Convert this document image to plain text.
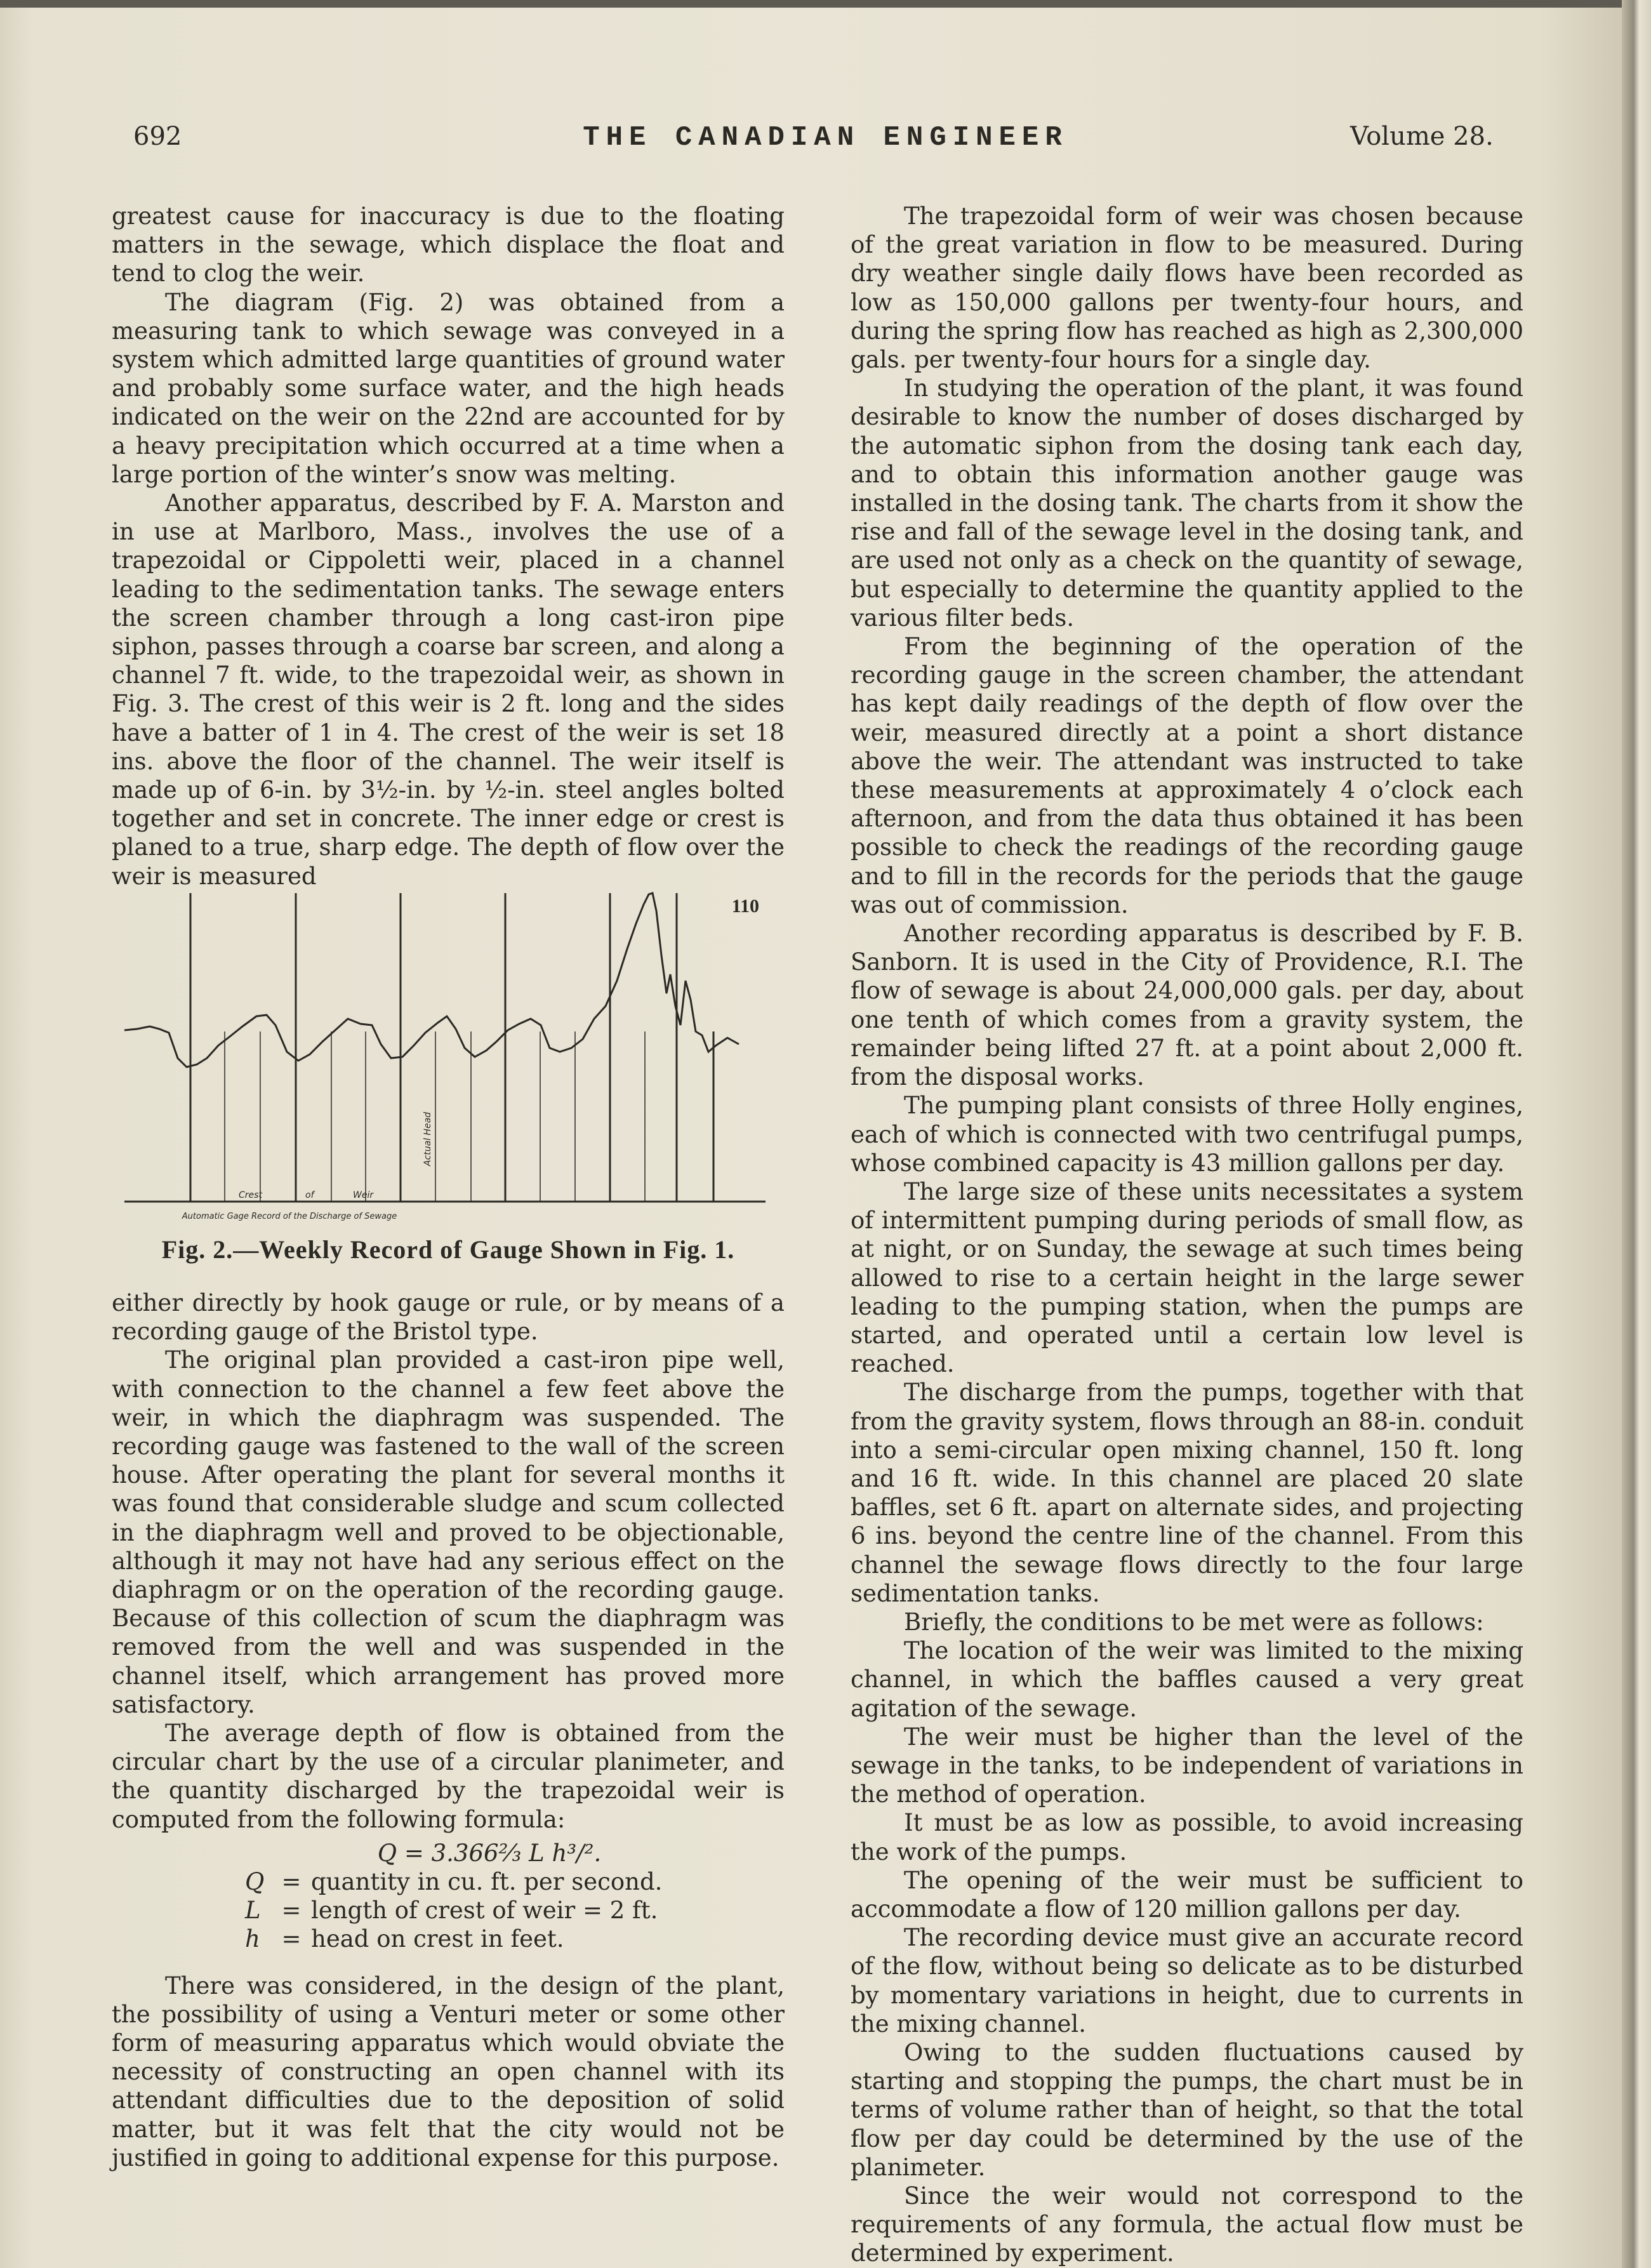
692	THE CANADIAN ENGINEER	Volume 28.

greatest cause for inaccuracy is due to the floating matters in the sewage, which displace the float and tend to clog the weir.

The diagram (Fig. 2) was obtained from a measuring tank to which sewage was conveyed in a system which admitted large quantities of ground water and probably some surface water, and the high heads indicated on the weir on the 22nd are accounted for by a heavy precipitation which occurred at a time when a large portion of the winter’s snow was melting.

Another apparatus, described by F. A. Marston and in use at Marlboro, Mass., involves the use of a trapezoidal or Cippoletti weir, placed in a channel leading to the sedimentation tanks. The sewage enters the screen chamber through a long cast-iron pipe siphon, passes through a coarse bar screen, and along a channel 7 ft. wide, to the trapezoidal weir, as shown in Fig. 3. The crest of this weir is 2 ft. long and the sides have a batter of 1 in 4. The crest of the weir is set 18 ins. above the floor of the channel. The weir itself is made up of 6-in. by 3½-in. by ½-in. steel angles bolted together and set in concrete. The inner edge or crest is planed to a true, sharp edge. The depth of flow over the weir is measured

110
Crest	of	Weir
Actual Head
Automatic Gage Record of the Discharge of Sewage
Fig. 2.—Weekly Record of Gauge Shown in Fig. 1.

either directly by hook gauge or rule, or by means of a recording gauge of the Bristol type.

The original plan provided a cast-iron pipe well, with connection to the channel a few feet above the weir, in which the diaphragm was suspended. The recording gauge was fastened to the wall of the screen house. After operating the plant for several months it was found that considerable sludge and scum collected in the diaphragm well and proved to be objectionable, although it may not have had any serious effect on the diaphragm or on the operation of the recording gauge. Because of this collection of scum the diaphragm was removed from the well and was suspended in the channel itself, which arrangement has proved more satisfactory.

The average depth of flow is obtained from the circular chart by the use of a circular planimeter, and the quantity discharged by the trapezoidal weir is computed from the following formula:

Q = 3.366⅔ L h³/².
Q = quantity in cu. ft. per second.
L = length of crest of weir = 2 ft.
h = head on crest in feet.

There was considered, in the design of the plant, the possibility of using a Venturi meter or some other form of measuring apparatus which would obviate the necessity of constructing an open channel with its attendant difficulties due to the deposition of solid matter, but it was felt that the city would not be justified in going to additional expense for this purpose.

The trapezoidal form of weir was chosen because of the great variation in flow to be measured. During dry weather single daily flows have been recorded as low as 150,000 gallons per twenty-four hours, and during the spring flow has reached as high as 2,300,000 gals. per twenty-four hours for a single day.

In studying the operation of the plant, it was found desirable to know the number of doses discharged by the automatic siphon from the dosing tank each day, and to obtain this information another gauge was installed in the dosing tank. The charts from it show the rise and fall of the sewage level in the dosing tank, and are used not only as a check on the quantity of sewage, but especially to determine the quantity applied to the various filter beds.

From the beginning of the operation of the recording gauge in the screen chamber, the attendant has kept daily readings of the depth of flow over the weir, measured directly at a point a short distance above the weir. The attendant was instructed to take these measurements at approximately 4 o’clock each afternoon, and from the data thus obtained it has been possible to check the readings of the recording gauge and to fill in the records for the periods that the gauge was out of commission.

Another recording apparatus is described by F. B. Sanborn. It is used in the City of Providence, R.I. The flow of sewage is about 24,000,000 gals. per day, about one tenth of which comes from a gravity system, the remainder being lifted 27 ft. at a point about 2,000 ft. from the disposal works.

The pumping plant consists of three Holly engines, each of which is connected with two centrifugal pumps, whose combined capacity is 43 million gallons per day.

The large size of these units necessitates a system of intermittent pumping during periods of small flow, as at night, or on Sunday, the sewage at such times being allowed to rise to a certain height in the large sewer leading to the pumping station, when the pumps are started, and operated until a certain low level is reached.

The discharge from the pumps, together with that from the gravity system, flows through an 88-in. conduit into a semi-circular open mixing channel, 150 ft. long and 16 ft. wide. In this channel are placed 20 slate baffles, set 6 ft. apart on alternate sides, and projecting 6 ins. beyond the centre line of the channel. From this channel the sewage flows directly to the four large sedimentation tanks.

Briefly, the conditions to be met were as follows:

The location of the weir was limited to the mixing channel, in which the baffles caused a very great agitation of the sewage.

The weir must be higher than the level of the sewage in the tanks, to be independent of variations in the method of operation.

It must be as low as possible, to avoid increasing the work of the pumps.

The opening of the weir must be sufficient to accommodate a flow of 120 million gallons per day.

The recording device must give an accurate record of the flow, without being so delicate as to be disturbed by momentary variations in height, due to currents in the mixing channel.

Owing to the sudden fluctuations caused by starting and stopping the pumps, the chart must be in terms of volume rather than of height, so that the total flow per day could be determined by the use of the planimeter.

Since the weir would not correspond to the requirements of any formula, the actual flow must be determined by experiment.
